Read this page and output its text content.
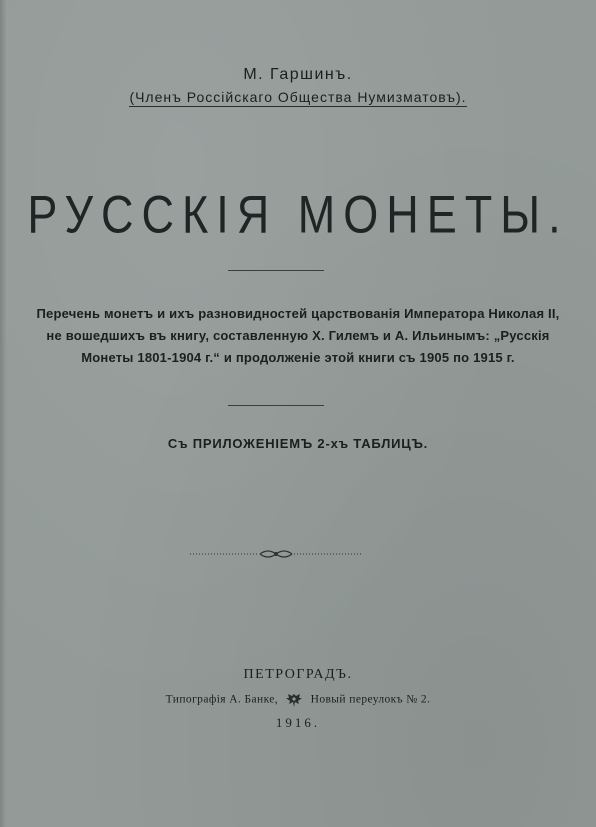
М. Гаршинъ.
(Членъ Россійскаго Общества Нумизматовъ).
РУССКІЯ МОНЕТЫ.
Перечень монетъ и ихъ разновидностей царствованія Императора Николая II,
не вошедшихъ въ книгу, составленную Х. Гилемъ и А. Ильинымъ: „Русскія
Монеты 1801-1904 г.“ и продолженіе этой книги съ 1905 по 1915 г.
Съ ПРИЛОЖЕНІЕМЪ 2-хъ ТАБЛИЦЪ.
ПЕТРОГРАДЪ.
Типографія А. Банке,	Новый переулокъ № 2.
1916.
